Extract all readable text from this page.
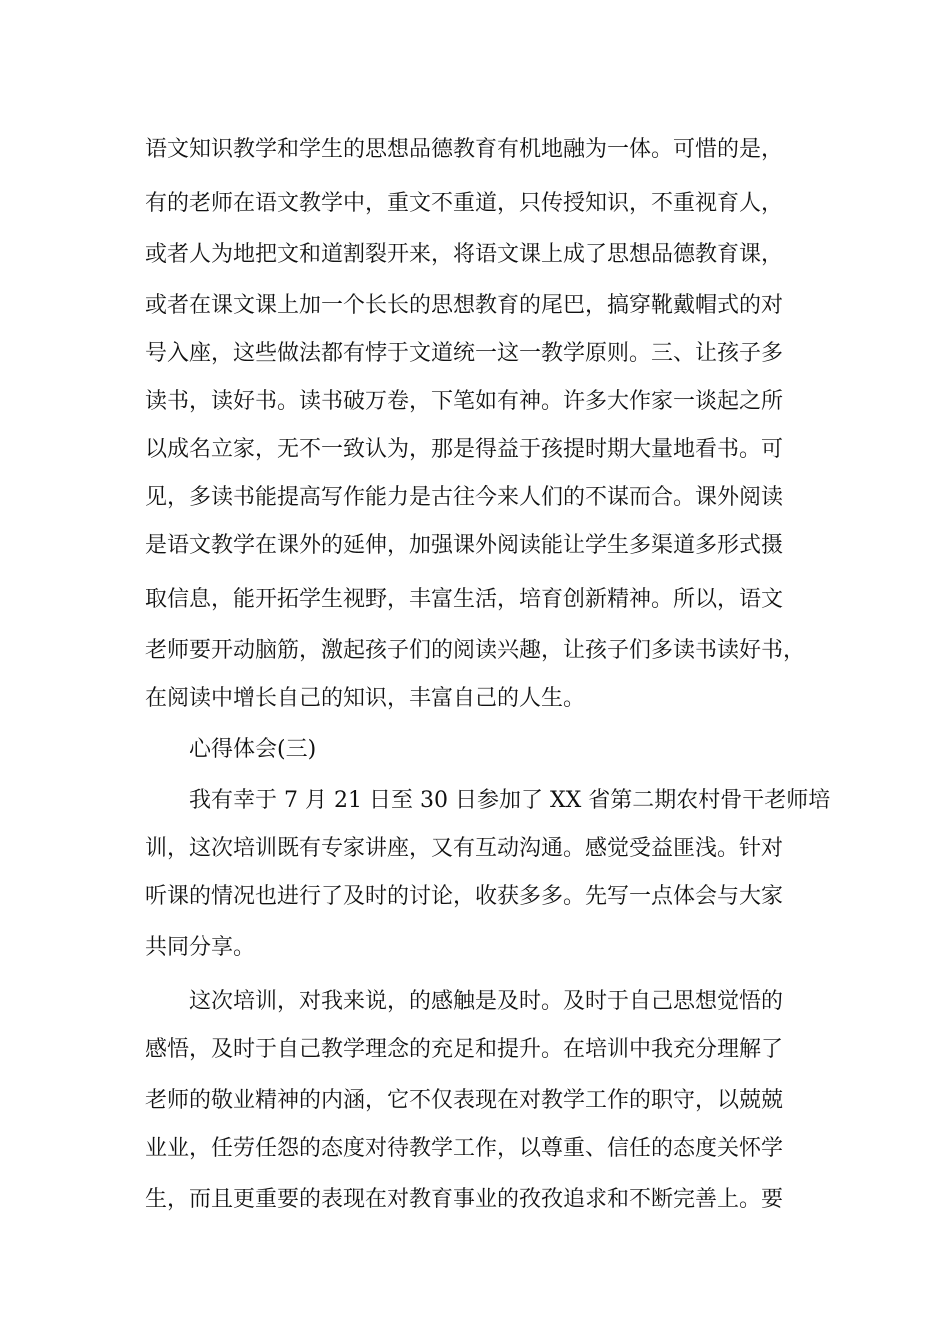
语文知识教学和学生的思想品德教育有机地融为一体。可惜的是，
有的老师在语文教学中，重文不重道，只传授知识，不重视育人，
或者人为地把文和道割裂开来，将语文课上成了思想品德教育课，
或者在课文课上加一个长长的思想教育的尾巴，搞穿靴戴帽式的对
号入座，这些做法都有悖于文道统一这一教学原则。三、让孩子多
读书，读好书。读书破万卷，下笔如有神。许多大作家一谈起之所
以成名立家，无不一致认为，那是得益于孩提时期大量地看书。可
见，多读书能提高写作能力是古往今来人们的不谋而合。课外阅读
是语文教学在课外的延伸，加强课外阅读能让学生多渠道多形式摄
取信息，能开拓学生视野，丰富生活，培育创新精神。所以，语文
老师要开动脑筋，激起孩子们的阅读兴趣，让孩子们多读书读好书，
在阅读中增长自己的知识，丰富自己的人生。
心得体会(三)
我有幸于 7 月 21 日至 30 日参加了 XX 省第二期农村骨干老师培
训，这次培训既有专家讲座，又有互动沟通。感觉受益匪浅。针对
听课的情况也进行了及时的讨论，收获多多。先写一点体会与大家
共同分享。
这次培训，对我来说，的感触是及时。及时于自己思想觉悟的
感悟，及时于自己教学理念的充足和提升。在培训中我充分理解了
老师的敬业精神的内涵，它不仅表现在对教学工作的职守，以兢兢
业业，任劳任怨的态度对待教学工作，以尊重、信任的态度关怀学
生，而且更重要的表现在对教育事业的孜孜追求和不断完善上。要
